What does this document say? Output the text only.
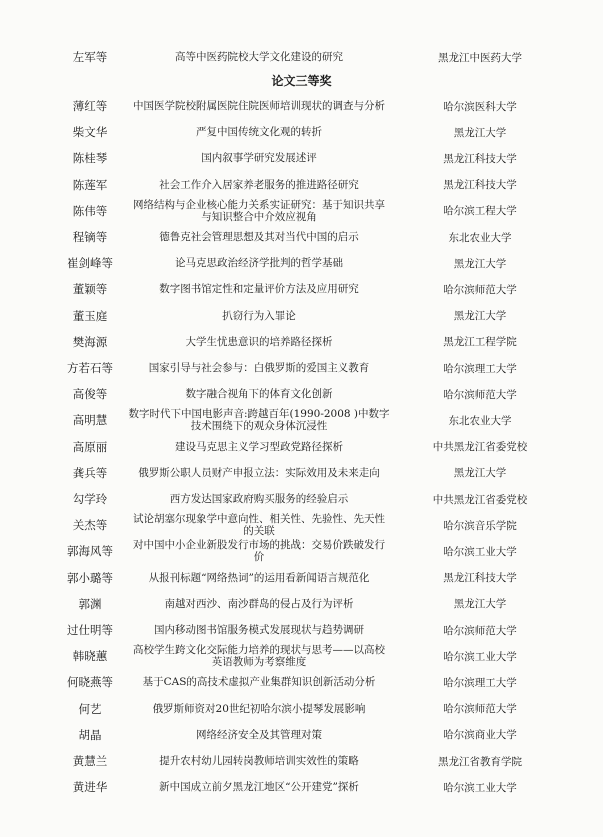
左军等	高等中医药院校大学文化建设的研究	黑龙江中医药大学
论文三等奖
薄红等	中国医学院校附属医院住院医师培训现状的调查与分析	哈尔滨医科大学
柴文华	严复中国传统文化观的转折	黑龙江大学
陈桂琴	国内叙事学研究发展述评	黑龙江科技大学
陈莲军	社会工作介入居家养老服务的推进路径研究	黑龙江科技大学
陈伟等	网络结构与企业核心能力关系实证研究：基于知识共享与知识整合中介效应视角	哈尔滨工程大学
程镝等	德鲁克社会管理思想及其对当代中国的启示	东北农业大学
崔剑峰等	论马克思政治经济学批判的哲学基础	黑龙江大学
董颖等	数字图书馆定性和定量评价方法及应用研究	哈尔滨师范大学
董玉庭	扒窃行为入罪论	黑龙江大学
樊海源	大学生忧患意识的培养路径探析	黑龙江工程学院
方若石等	国家引导与社会参与：白俄罗斯的爱国主义教育	哈尔滨理工大学
高俊等	数字融合视角下的体育文化创新	哈尔滨师范大学
高明慧	数字时代下中国电影声音:跨越百年(1990-2008 )中数字技术围绕下的观众身体沉浸性	东北农业大学
高原丽	建设马克思主义学习型政党路径探析	中共黑龙江省委党校
龚兵等	俄罗斯公职人员财产申报立法：实际效用及未来走向	黑龙江大学
勾学玲	西方发达国家政府购买服务的经验启示	中共黑龙江省委党校
关杰等	试论胡塞尔现象学中意向性、相关性、先验性、先天性的关联	哈尔滨音乐学院
郭海风等	对中国中小企业新股发行市场的挑战：交易价跌破发行价	哈尔滨工业大学
郭小璐等	从报刊标题“网络热词”的运用看新闻语言规范化	黑龙江科技大学
郭渊	南越对西沙、南沙群岛的侵占及行为评析	黑龙江大学
过仕明等	国内移动图书馆服务模式发展现状与趋势调研	哈尔滨师范大学
韩晓蕙	高校学生跨文化交际能力培养的现状与思考——以高校英语教师为考察维度	哈尔滨工业大学
何晓燕等	基于CAS的高技术虚拟产业集群知识创新活动分析	哈尔滨理工大学
何艺	俄罗斯师资对20世纪初哈尔滨小提琴发展影响	哈尔滨师范大学
胡晶	网络经济安全及其管理对策	哈尔滨商业大学
黄慧兰	提升农村幼儿园转岗教师培训实效性的策略	黑龙江省教育学院
黄进华	新中国成立前夕黑龙江地区“公开建党”探析	哈尔滨工业大学
